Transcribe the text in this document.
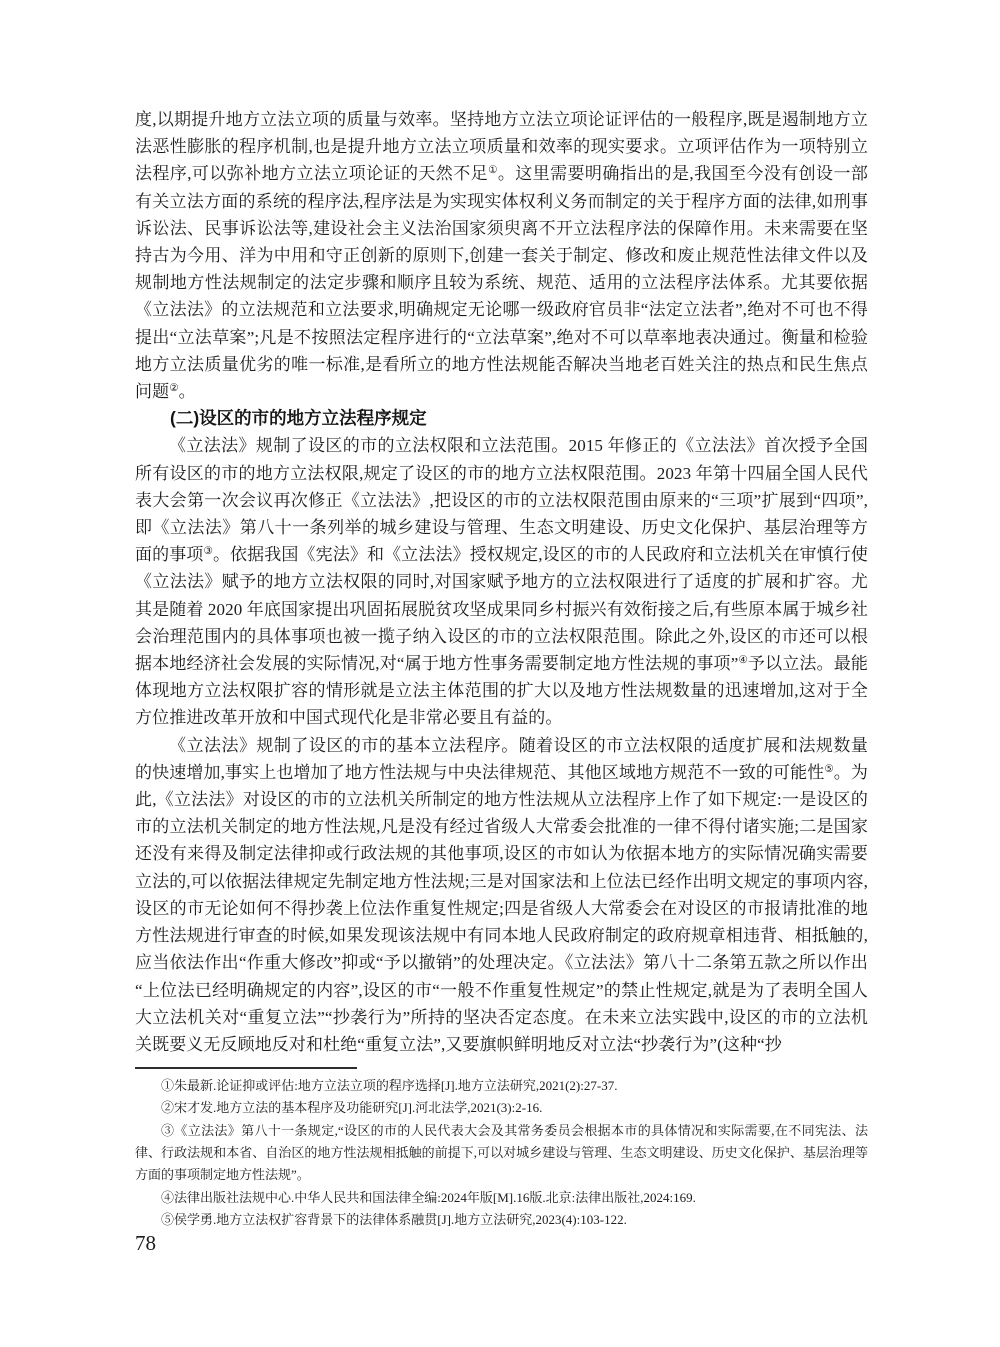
度,以期提升地方立法立项的质量与效率。坚持地方立法立项论证评估的一般程序,既是遏制地方立法恶性膨胀的程序机制,也是提升地方立法立项质量和效率的现实要求。立项评估作为一项特别立法程序,可以弥补地方立法立项论证的天然不足①。这里需要明确指出的是,我国至今没有创设一部有关立法方面的系统的程序法,程序法是为实现实体权利义务而制定的关于程序方面的法律,如刑事诉讼法、民事诉讼法等,建设社会主义法治国家须臾离不开立法程序法的保障作用。未来需要在坚持古为今用、洋为中用和守正创新的原则下,创建一套关于制定、修改和废止规范性法律文件以及规制地方性法规制定的法定步骤和顺序且较为系统、规范、适用的立法程序法体系。尤其要依据《立法法》的立法规范和立法要求,明确规定无论哪一级政府官员非“法定立法者”,绝对不可也不得提出“立法草案”;凡是不按照法定程序进行的“立法草案”,绝对不可以草率地表决通过。衡量和检验地方立法质量优劣的唯一标准,是看所立的地方性法规能否解决当地老百姓关注的热点和民生焦点问题②。

(二)设区的市的地方立法程序规定

《立法法》规制了设区的市的立法权限和立法范围。2015 年修正的《立法法》首次授予全国所有设区的市的地方立法权限,规定了设区的市的地方立法权限范围。2023 年第十四届全国人民代表大会第一次会议再次修正《立法法》,把设区的市的立法权限范围由原来的“三项”扩展到“四项”,即《立法法》第八十一条列举的城乡建设与管理、生态文明建设、历史文化保护、基层治理等方面的事项③。依据我国《宪法》和《立法法》授权规定,设区的市的人民政府和立法机关在审慎行使《立法法》赋予的地方立法权限的同时,对国家赋予地方的立法权限进行了适度的扩展和扩容。尤其是随着 2020 年底国家提出巩固拓展脱贫攻坚成果同乡村振兴有效衔接之后,有些原本属于城乡社会治理范围内的具体事项也被一揽子纳入设区的市的立法权限范围。除此之外,设区的市还可以根据本地经济社会发展的实际情况,对“属于地方性事务需要制定地方性法规的事项”④予以立法。最能体现地方立法权限扩容的情形就是立法主体范围的扩大以及地方性法规数量的迅速增加,这对于全方位推进改革开放和中国式现代化是非常必要且有益的。

《立法法》规制了设区的市的基本立法程序。随着设区的市立法权限的适度扩展和法规数量的快速增加,事实上也增加了地方性法规与中央法律规范、其他区域地方规范不一致的可能性⑤。为此,《立法法》对设区的市的立法机关所制定的地方性法规从立法程序上作了如下规定:一是设区的市的立法机关制定的地方性法规,凡是没有经过省级人大常委会批准的一律不得付诸实施;二是国家还没有来得及制定法律抑或行政法规的其他事项,设区的市如认为依据本地方的实际情况确实需要立法的,可以依据法律规定先制定地方性法规;三是对国家法和上位法已经作出明文规定的事项内容,设区的市无论如何不得抄袭上位法作重复性规定;四是省级人大常委会在对设区的市报请批准的地方性法规进行审查的时候,如果发现该法规中有同本地人民政府制定的政府规章相违背、相抵触的,应当依法作出“作重大修改”抑或“予以撤销”的处理决定。《立法法》第八十二条第五款之所以作出“上位法已经明确规定的内容”,设区的市“一般不作重复性规定”的禁止性规定,就是为了表明全国人大立法机关对“重复立法”“抄袭行为”所持的坚决否定态度。在未来立法实践中,设区的市的立法机关既要义无反顾地反对和杜绝“重复立法”,又要旗帜鲜明地反对立法“抄袭行为”(这种“抄

①朱最新.论证抑或评估:地方立法立项的程序选择[J].地方立法研究,2021(2):27-37.

②宋才发.地方立法的基本程序及功能研究[J].河北法学,2021(3):2-16.

③《立法法》第八十一条规定,“设区的市的人民代表大会及其常务委员会根据本市的具体情况和实际需要,在不同宪法、法律、行政法规和本省、自治区的地方性法规相抵触的前提下,可以对城乡建设与管理、生态文明建设、历史文化保护、基层治理等方面的事项制定地方性法规”。

④法律出版社法规中心.中华人民共和国法律全编:2024年版[M].16版.北京:法律出版社,2024:169.

⑤侯学勇.地方立法权扩容背景下的法律体系融贯[J].地方立法研究,2023(4):103-122.

78
